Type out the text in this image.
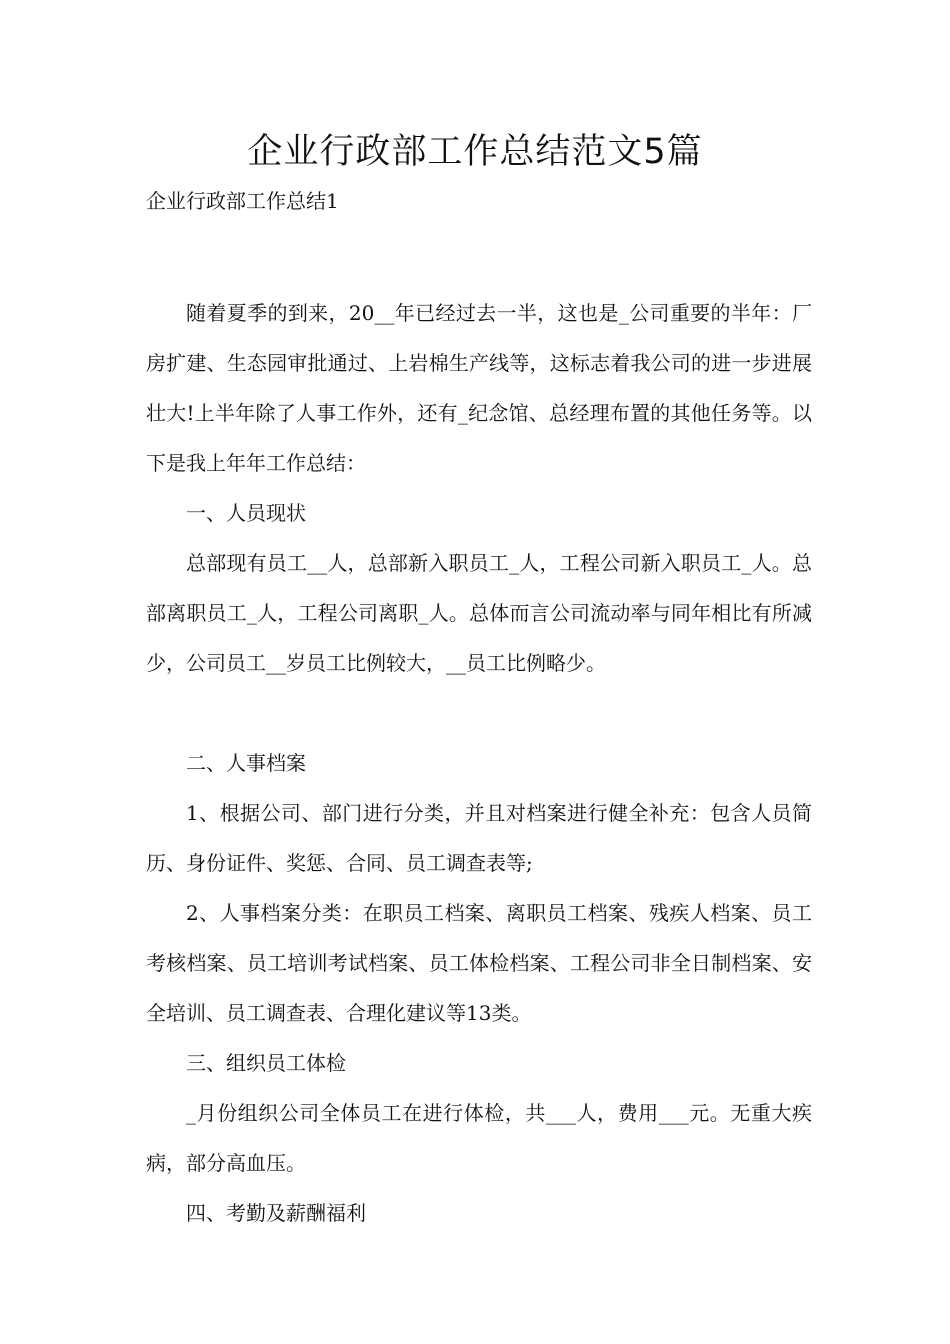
企业行政部工作总结范文5篇

企业行政部工作总结1

随着夏季的到来，20__年已经过去一半，这也是_公司重要的半年：厂房扩建、生态园审批通过、上岩棉生产线等，这标志着我公司的进一步进展壮大!上半年除了人事工作外，还有_纪念馆、总经理布置的其他任务等。以下是我上年年工作总结：

一、人员现状

总部现有员工__人，总部新入职员工_人，工程公司新入职员工_人。总部离职员工_人，工程公司离职_人。总体而言公司流动率与同年相比有所减少，公司员工__岁员工比例较大，__员工比例略少。

二、人事档案

1、根据公司、部门进行分类，并且对档案进行健全补充：包含人员简历、身份证件、奖惩、合同、员工调查表等;

2、人事档案分类：在职员工档案、离职员工档案、残疾人档案、员工考核档案、员工培训考试档案、员工体检档案、工程公司非全日制档案、安全培训、员工调查表、合理化建议等13类。

三、组织员工体检

_月份组织公司全体员工在进行体检，共___人，费用___元。无重大疾病，部分高血压。

四、考勤及薪酬福利
